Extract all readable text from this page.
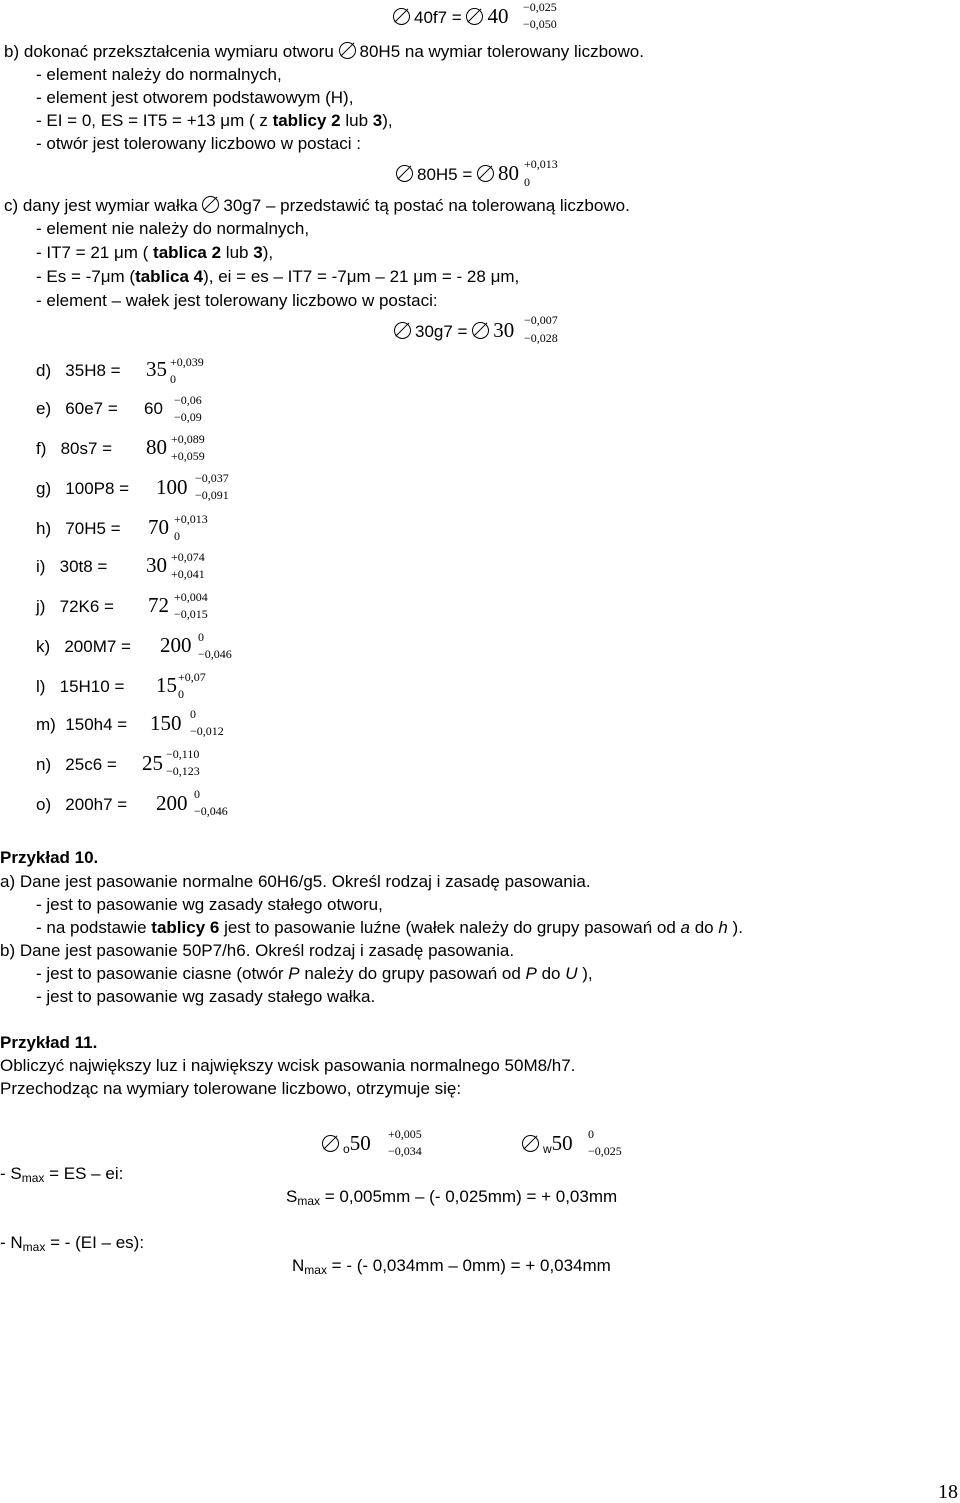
40f7 = 40 −0,025
−0,050
b) dokonać przekształcenia wymiaru otworu 80H5 na wymiar tolerowany liczbowo.
- element należy do normalnych,
- element jest otworem podstawowym (H),
- EI = 0, ES = IT5 = +13 μm ( z tablicy 2 lub 3),
- otwór jest tolerowany liczbowo w postaci :
80H5 = 80 +0,013
0
c) dany jest wymiar wałka 30g7 – przedstawić tą postać na tolerowaną liczbowo.
- element nie należy do normalnych,
- IT7 = 21 μm ( tablica 2 lub 3),
- Es = -7μm (tablica 4), ei = es – IT7 = -7μm – 21 μm = - 28 μm,
- element – wałek jest tolerowany liczbowo w postaci:
30g7 = 30 −0,007
−0,028
d) 35H8 = 35 +0,039
0
e) 60e7 = 60 −0,06
−0,09
f) 80s7 = 80 +0,089
+0,059
g) 100P8 = 100 −0,037
−0,091
h) 70H5 = 70 +0,013
0
i) 30t8 = 30 +0,074
+0,041
j) 72K6 = 72 +0,004
−0,015
k) 200M7 = 200 0
−0,046
l) 15H10 = 15 +0,07
0
m) 150h4 = 150 0
−0,012
n) 25c6 = 25 −0,110
−0,123
o) 200h7 = 200 0
−0,046
Przykład 10.
a) Dane jest pasowanie normalne 60H6/g5. Określ rodzaj i zasadę pasowania.
- jest to pasowanie wg zasady stałego otworu,
- na podstawie tablicy 6 jest to pasowanie luźne (wałek należy do grupy pasowań od a do h ).
b) Dane jest pasowanie 50P7/h6. Określ rodzaj i zasadę pasowania.
- jest to pasowanie ciasne (otwór P należy do grupy pasowań od P do U ),
- jest to pasowanie wg zasady stałego wałka.
Przykład 11.
Obliczyć największy luz i największy wcisk pasowania normalnego 50M8/h7.
Przechodząc na wymiary tolerowane liczbowo, otrzymuje się:
$_o$50 +0,005
−0,034	$_w$50 0
−0,025
- $S_{max}$ = ES – ei:
$S_{max} = 0,005mm$ – (- 0,025mm) = + 0,03mm
- $N_{max}$ = - (EI – es):
$N_{max}$ = - (- 0,034mm – 0mm) = + 0,034mm
18
